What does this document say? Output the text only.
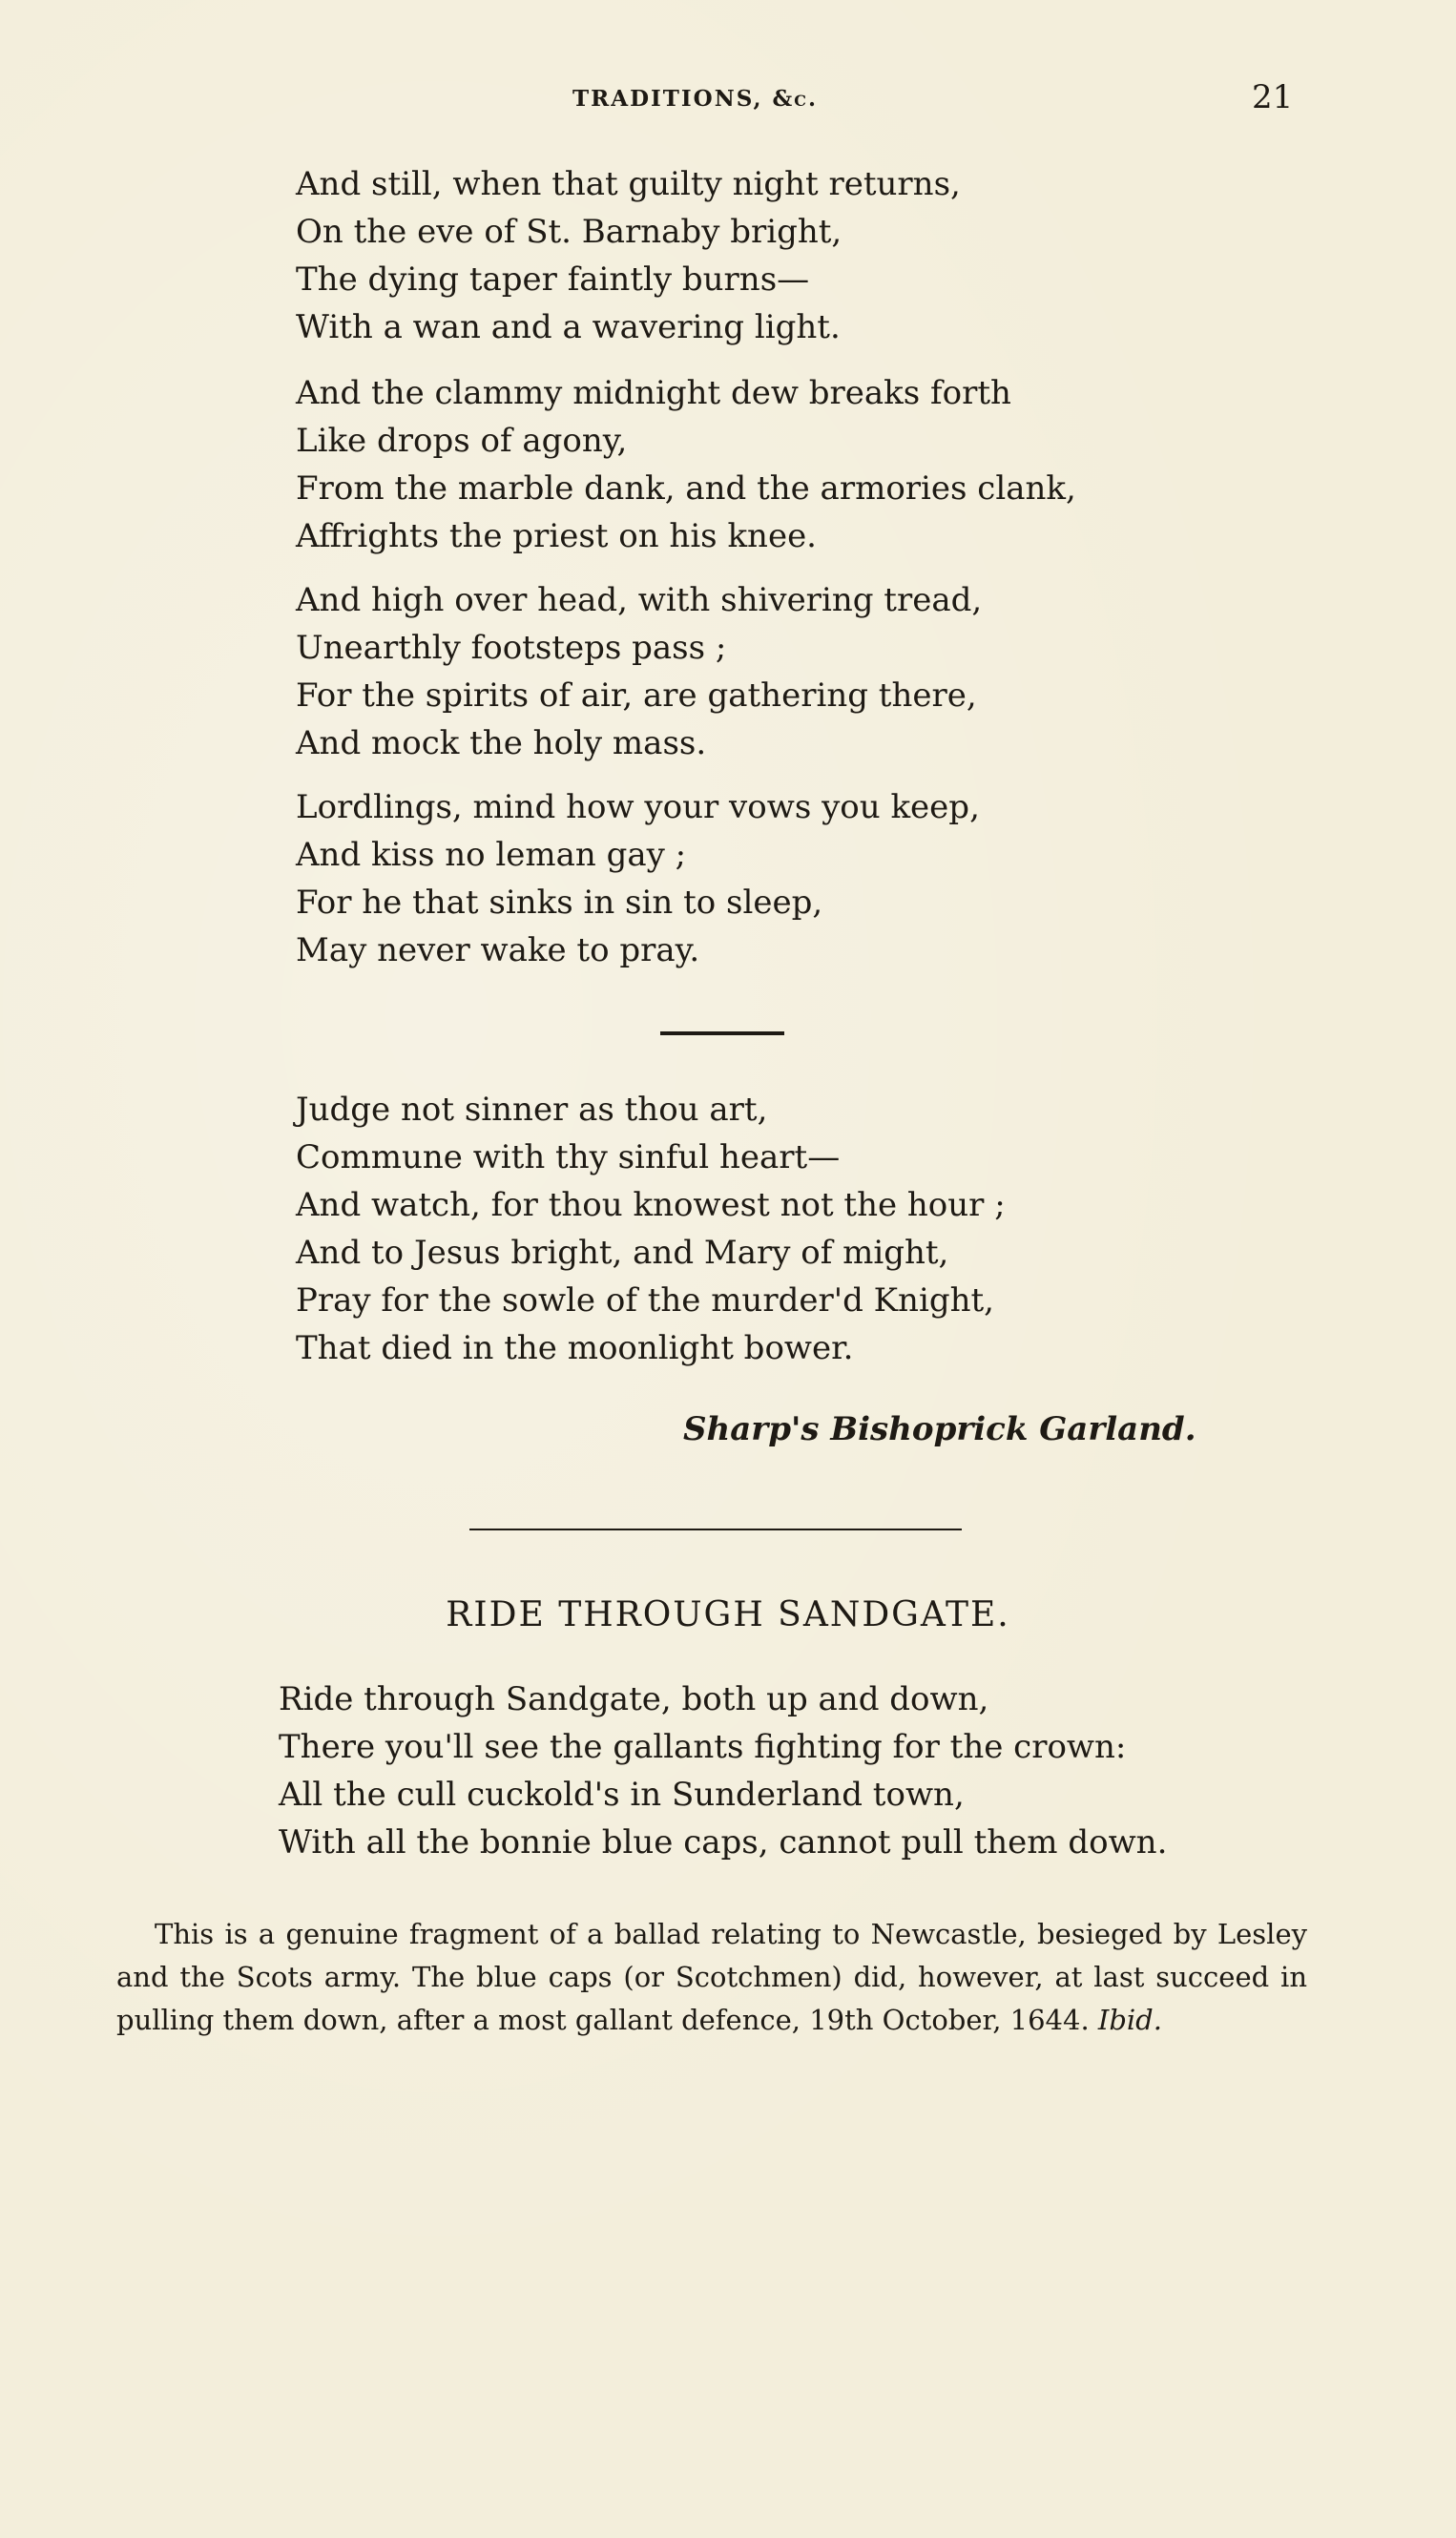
TRADITIONS, &c.	21
And still, when that guilty night returns,
On the eve of St. Barnaby bright,
The dying taper faintly burns—
With a wan and a wavering light.
And the clammy midnight dew breaks forth
Like drops of agony,
From the marble dank, and the armories clank,
Affrights the priest on his knee.
And high over head, with shivering tread,
Unearthly footsteps pass ;
For the spirits of air, are gathering there,
And mock the holy mass.
Lordlings, mind how your vows you keep,
And kiss no leman gay ;
For he that sinks in sin to sleep,
May never wake to pray.
Judge not sinner as thou art,
Commune with thy sinful heart—
And watch, for thou knowest not the hour ;
And to Jesus bright, and Mary of might,
Pray for the sowle of the murder'd Knight,
That died in the moonlight bower.
Sharp's Bishoprick Garland.
RIDE THROUGH SANDGATE.
Ride through Sandgate, both up and down,
There you'll see the gallants fighting for the crown:
All the cull cuckold's in Sunderland town,
With all the bonnie blue caps, cannot pull them down.
This is a genuine fragment of a ballad relating to Newcastle, besieged by Lesley and the Scots army. The blue caps (or Scotchmen) did, however, at last succeed in pulling them down, after a most gallant defence, 19th October, 1644. Ibid.
